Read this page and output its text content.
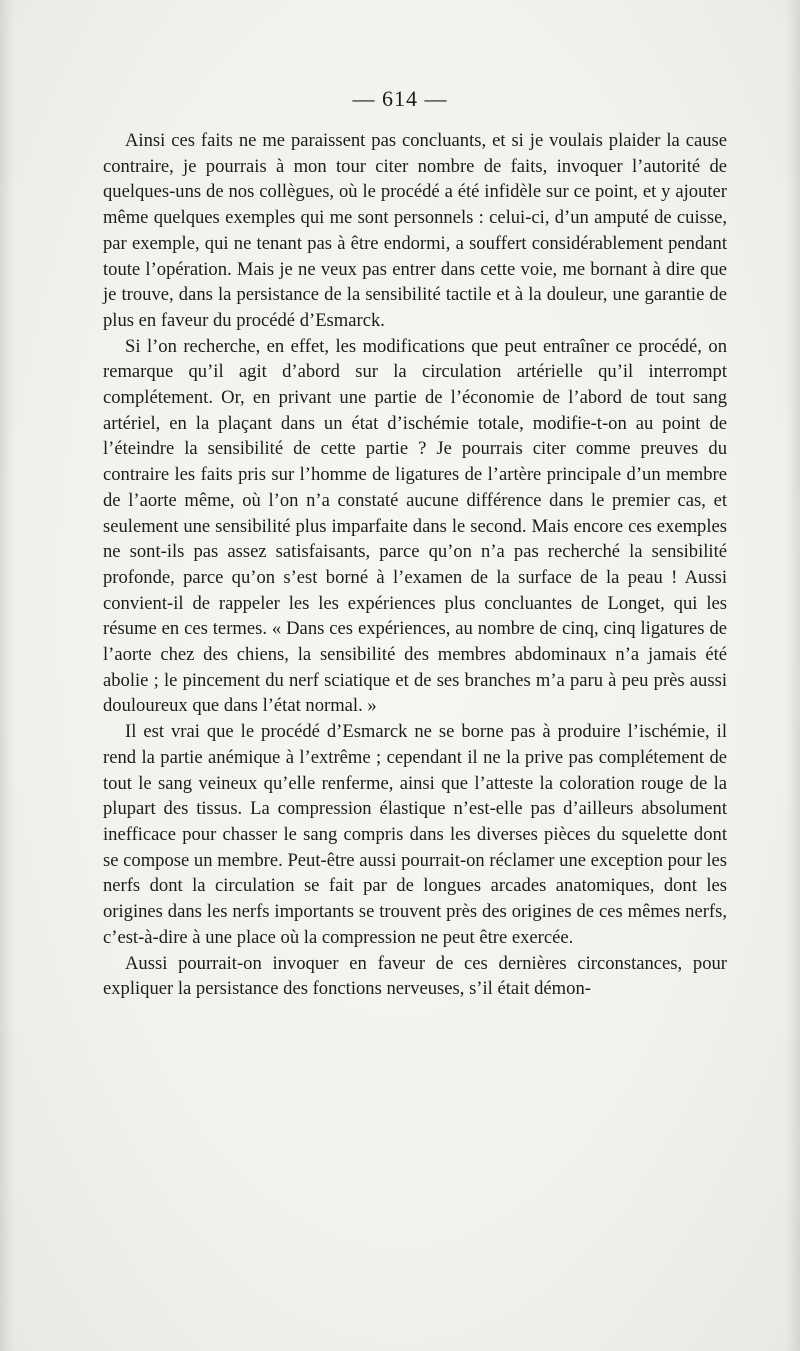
— 614 —

Ainsi ces faits ne me paraissent pas concluants, et si je voulais plaider la cause contraire, je pourrais à mon tour citer nombre de faits, invoquer l’autorité de quelques-uns de nos collègues, où le procédé a été infidèle sur ce point, et y ajouter même quelques exemples qui me sont personnels : celui-ci, d’un amputé de cuisse, par exemple, qui ne tenant pas à être endormi, a souffert considérablement pendant toute l’opération. Mais je ne veux pas entrer dans cette voie, me bornant à dire que je trouve, dans la persistance de la sensibilité tactile et à la douleur, une garantie de plus en faveur du procédé d’Esmarck.

Si l’on recherche, en effet, les modifications que peut entraîner ce procédé, on remarque qu’il agit d’abord sur la circulation artérielle qu’il interrompt complétement. Or, en privant une partie de l’économie de l’abord de tout sang artériel, en la plaçant dans un état d’ischémie totale, modifie-t-on au point de l’éteindre la sensibilité de cette partie ? Je pourrais citer comme preuves du contraire les faits pris sur l’homme de ligatures de l’artère principale d’un membre de l’aorte même, où l’on n’a constaté aucune différence dans le premier cas, et seulement une sensibilité plus imparfaite dans le second. Mais encore ces exemples ne sont-ils pas assez satisfaisants, parce qu’on n’a pas recherché la sensibilité profonde, parce qu’on s’est borné à l’examen de la surface de la peau ! Aussi convient-il de rappeler les les expériences plus concluantes de Longet, qui les résume en ces termes. « Dans ces expériences, au nombre de cinq, cinq ligatures de l’aorte chez des chiens, la sensibilité des membres abdominaux n’a jamais été abolie ; le pincement du nerf sciatique et de ses branches m’a paru à peu près aussi douloureux que dans l’état normal. »

Il est vrai que le procédé d’Esmarck ne se borne pas à produire l’ischémie, il rend la partie anémique à l’extrême ; cependant il ne la prive pas complétement de tout le sang veineux qu’elle renferme, ainsi que l’atteste la coloration rouge de la plupart des tissus. La compression élastique n’est-elle pas d’ailleurs absolument inefficace pour chasser le sang compris dans les diverses pièces du squelette dont se compose un membre. Peut-être aussi pourrait-on réclamer une exception pour les nerfs dont la circulation se fait par de longues arcades anatomiques, dont les origines dans les nerfs importants se trouvent près des origines de ces mêmes nerfs, c’est-à-dire à une place où la compression ne peut être exercée.

Aussi pourrait-on invoquer en faveur de ces dernières circonstances, pour expliquer la persistance des fonctions nerveuses, s’il était démon-
